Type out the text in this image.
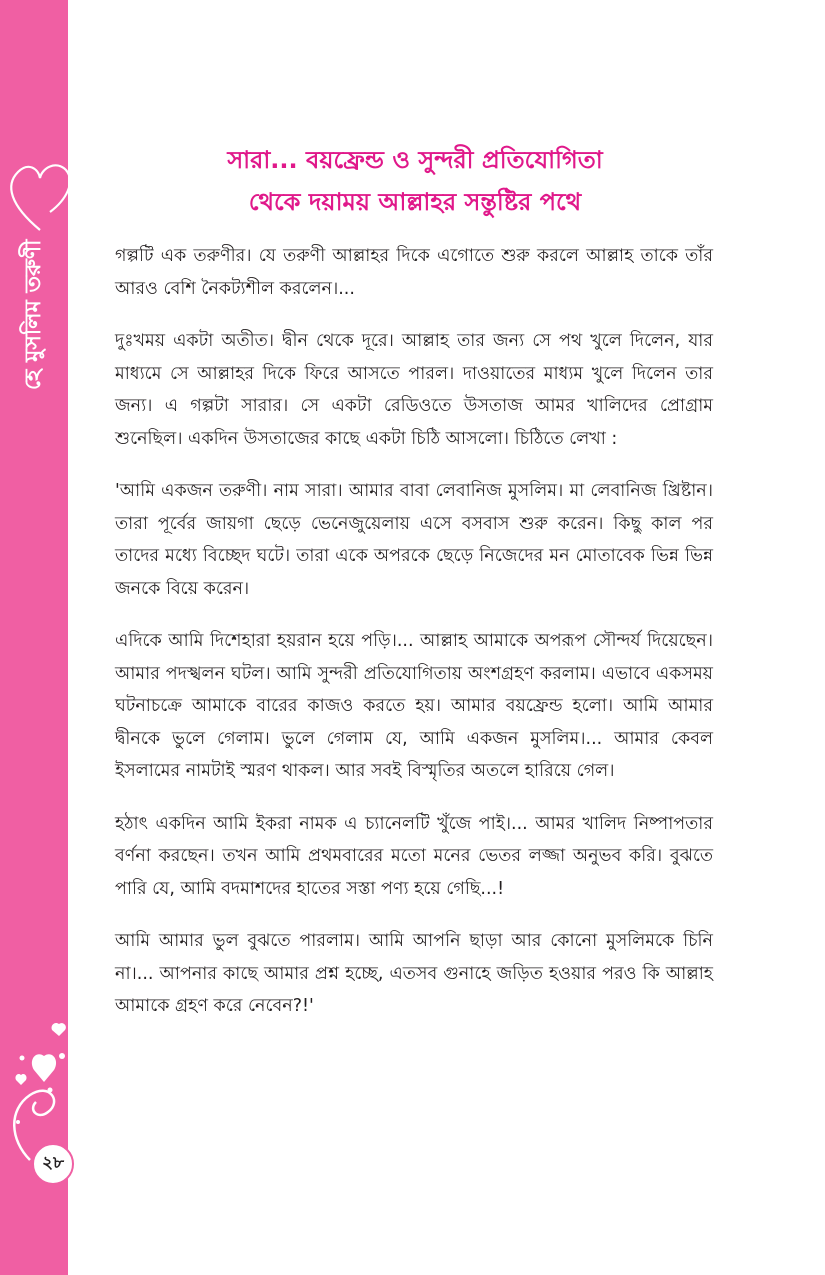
হে মুসলিম তরুণী
২৮
সারা... বয়ফ্রেন্ড ও সুন্দরী প্রতিযোগিতা
থেকে দয়াময় আল্লাহর সন্তুষ্টির পথে

গল্পটি এক তরুণীর। যে তরুণী আল্লাহর দিকে এগোতে শুরু করলে আল্লাহ তাকে তাঁর আরও বেশি নৈকট্যশীল করলেন।...

দুঃখময় একটা অতীত। দ্বীন থেকে দূরে। আল্লাহ তার জন্য সে পথ খুলে দিলেন, যার মাধ্যমে সে আল্লাহর দিকে ফিরে আসতে পারল। দাওয়াতের মাধ্যম খুলে দিলেন তার জন্য। এ গল্পটা সারার। সে একটা রেডিওতে উসতাজ আমর খালিদের প্রোগ্রাম শুনেছিল। একদিন উসতাজের কাছে একটা চিঠি আসলো। চিঠিতে লেখা :

'আমি একজন তরুণী। নাম সারা। আমার বাবা লেবানিজ মুসলিম। মা লেবানিজ খ্রিষ্টান। তারা পূর্বের জায়গা ছেড়ে ভেনেজুয়েলায় এসে বসবাস শুরু করেন। কিছু কাল পর তাদের মধ্যে বিচ্ছেদ ঘটে। তারা একে অপরকে ছেড়ে নিজেদের মন মোতাবেক ভিন্ন ভিন্ন জনকে বিয়ে করেন।

এদিকে আমি দিশেহারা হয়রান হয়ে পড়ি।... আল্লাহ আমাকে অপরূপ সৌন্দর্য দিয়েছেন। আমার পদস্খলন ঘটল। আমি সুন্দরী প্রতিযোগিতায় অংশগ্রহণ করলাম। এভাবে একসময় ঘটনাচক্রে আমাকে বারের কাজও করতে হয়। আমার বয়ফ্রেন্ড হলো। আমি আমার দ্বীনকে ভুলে গেলাম। ভুলে গেলাম যে, আমি একজন মুসলিম।... আমার কেবল ইসলামের নামটাই স্মরণ থাকল। আর সবই বিস্মৃতির অতলে হারিয়ে গেল।

হঠাৎ একদিন আমি ইকরা নামক এ চ্যানেলটি খুঁজে পাই।... আমর খালিদ নিষ্পাপতার বর্ণনা করছেন। তখন আমি প্রথমবারের মতো মনের ভেতর লজ্জা অনুভব করি। বুঝতে পারি যে, আমি বদমাশদের হাতের সস্তা পণ্য হয়ে গেছি...!

আমি আমার ভুল বুঝতে পারলাম। আমি আপনি ছাড়া আর কোনো মুসলিমকে চিনি না।... আপনার কাছে আমার প্রশ্ন হচ্ছে, এতসব গুনাহে জড়িত হওয়ার পরও কি আল্লাহ আমাকে গ্রহণ করে নেবেন?!'
